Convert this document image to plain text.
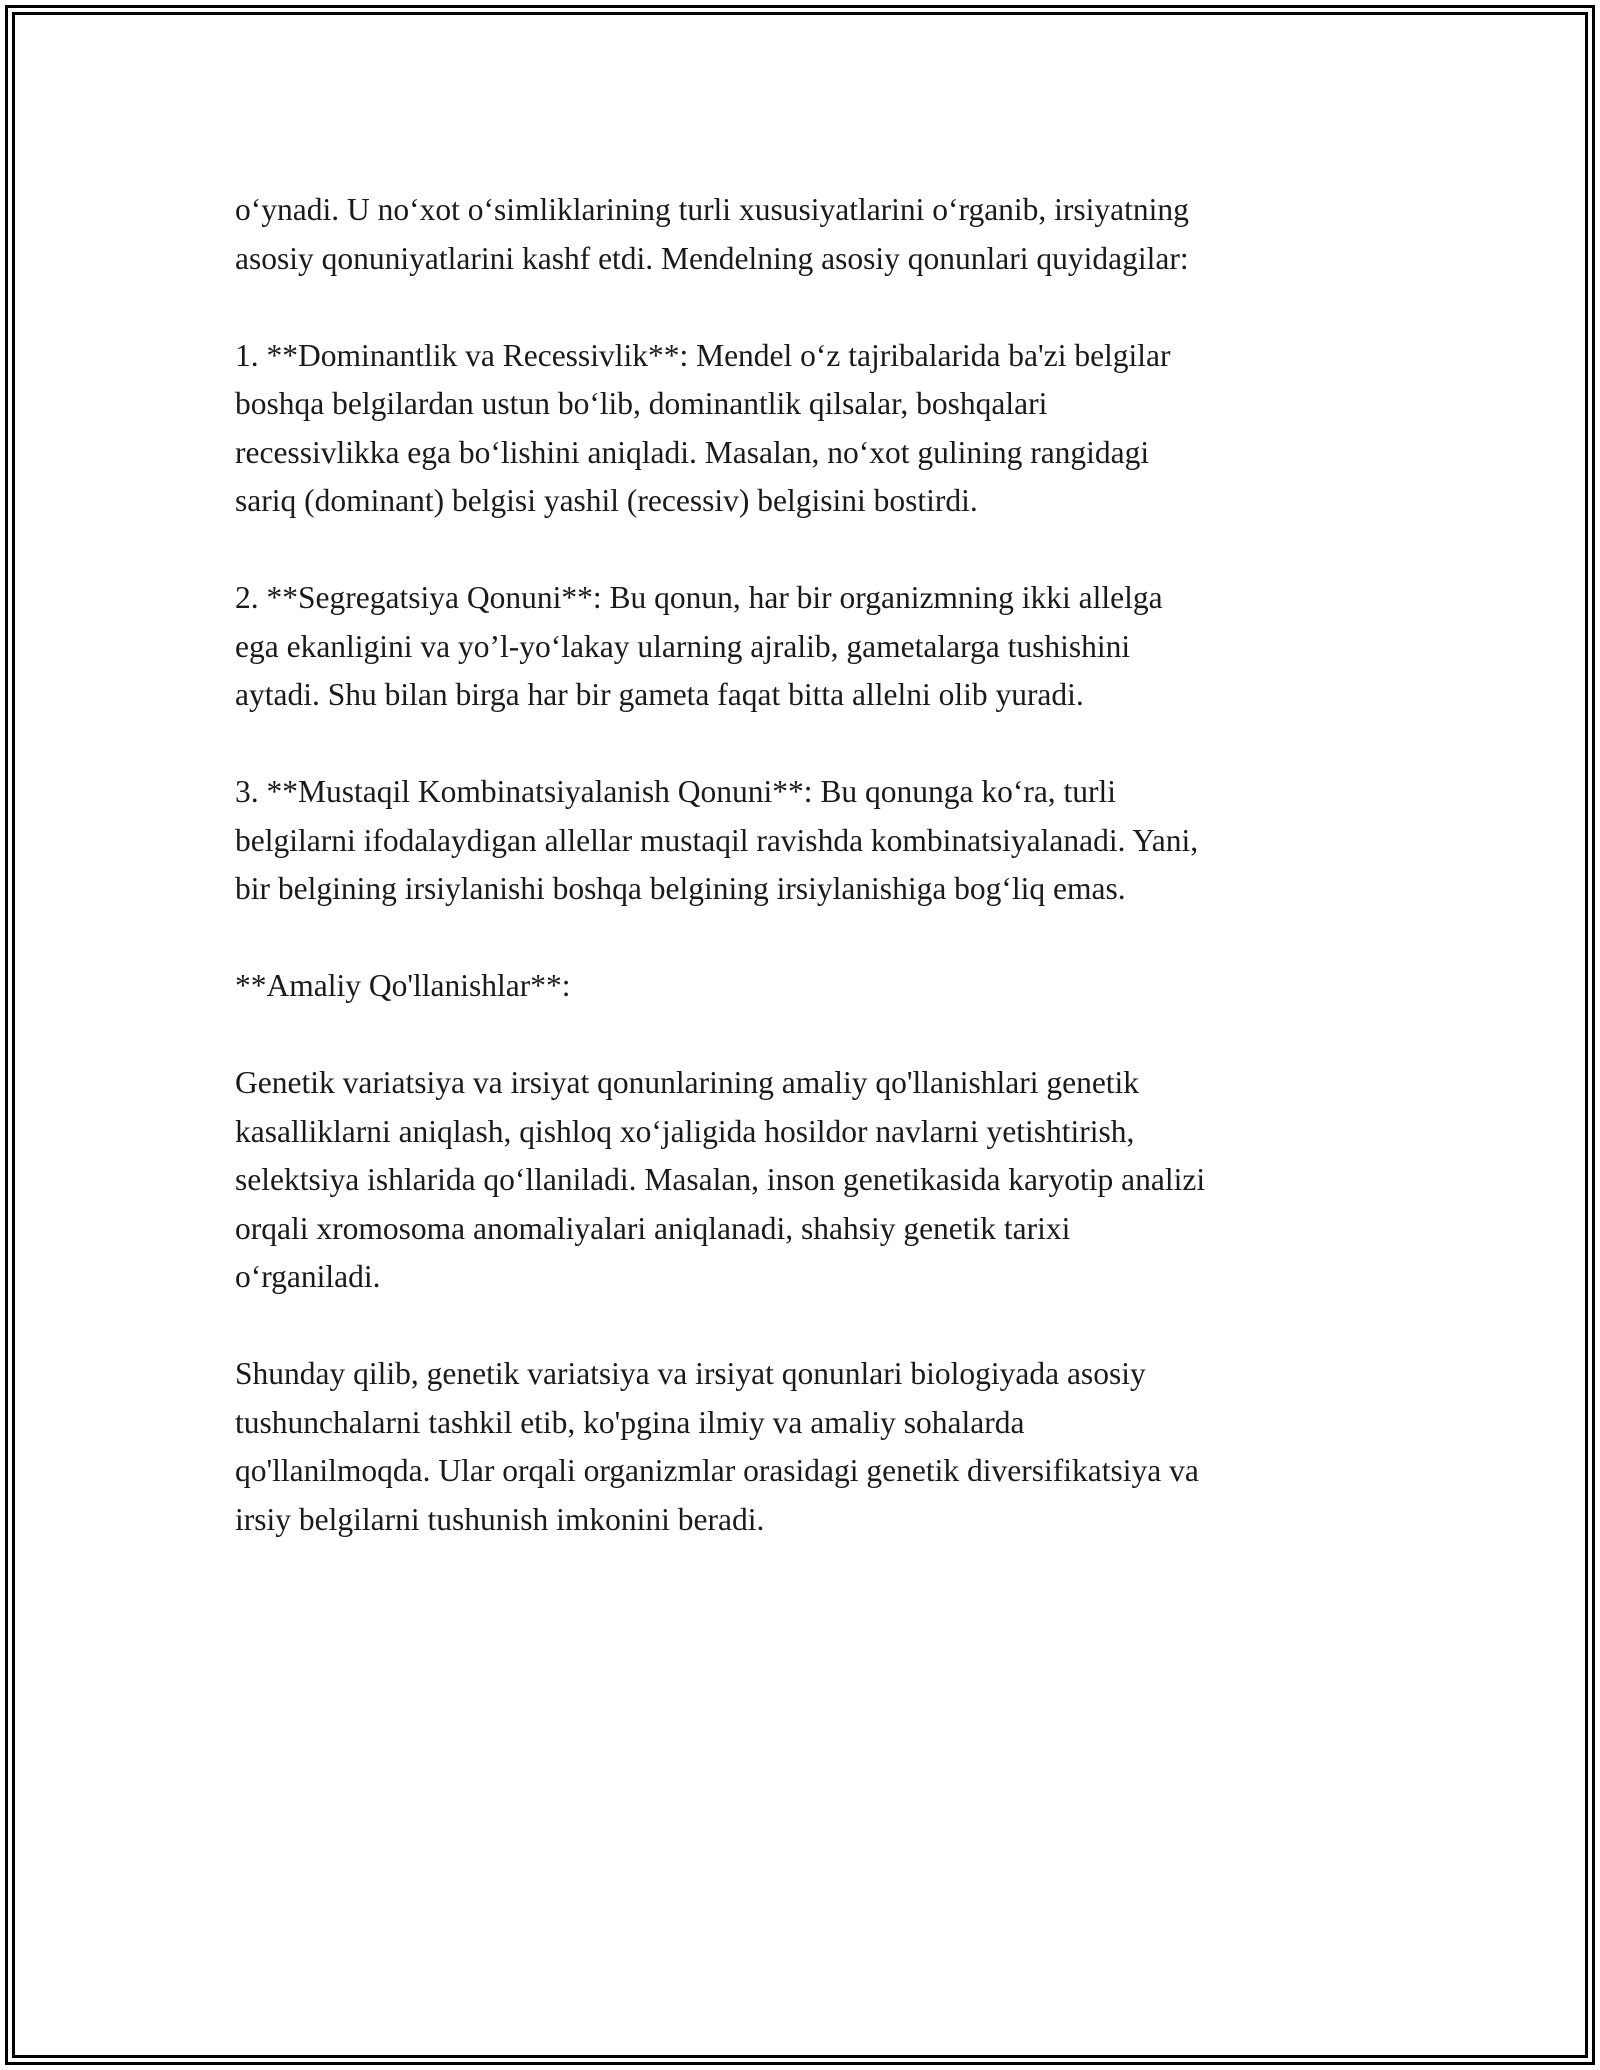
o‘ynadi. U no‘xot o‘simliklarining turli xususiyatlarini o‘rganib, irsiyatning
asosiy qonuniyatlarini kashf etdi. Mendelning asosiy qonunlari quyidagilar:

1. **Dominantlik va Recessivlik**: Mendel o‘z tajribalarida ba'zi belgilar
boshqa belgilardan ustun bo‘lib, dominantlik qilsalar, boshqalari
recessivlikka ega bo‘lishini aniqladi. Masalan, no‘xot gulining rangidagi
sariq (dominant) belgisi yashil (recessiv) belgisini bostirdi.

2. **Segregatsiya Qonuni**: Bu qonun, har bir organizmning ikki allelga
ega ekanligini va yo’l-yo‘lakay ularning ajralib, gametalarga tushishini
aytadi. Shu bilan birga har bir gameta faqat bitta allelni olib yuradi.

3. **Mustaqil Kombinatsiyalanish Qonuni**: Bu qonunga ko‘ra, turli
belgilarni ifodalaydigan allellar mustaqil ravishda kombinatsiyalanadi. Yani,
bir belgining irsiylanishi boshqa belgining irsiylanishiga bog‘liq emas.

**Amaliy Qo'llanishlar**:

Genetik variatsiya va irsiyat qonunlarining amaliy qo'llanishlari genetik
kasalliklarni aniqlash, qishloq xo‘jaligida hosildor navlarni yetishtirish,
selektsiya ishlarida qo‘llaniladi. Masalan, inson genetikasida karyotip analizi
orqali xromosoma anomaliyalari aniqlanadi, shahsiy genetik tarixi
o‘rganiladi.

Shunday qilib, genetik variatsiya va irsiyat qonunlari biologiyada asosiy
tushunchalarni tashkil etib, ko'pgina ilmiy va amaliy sohalarda
qo'llanilmoqda. Ular orqali organizmlar orasidagi genetik diversifikatsiya va
irsiy belgilarni tushunish imkonini beradi.
